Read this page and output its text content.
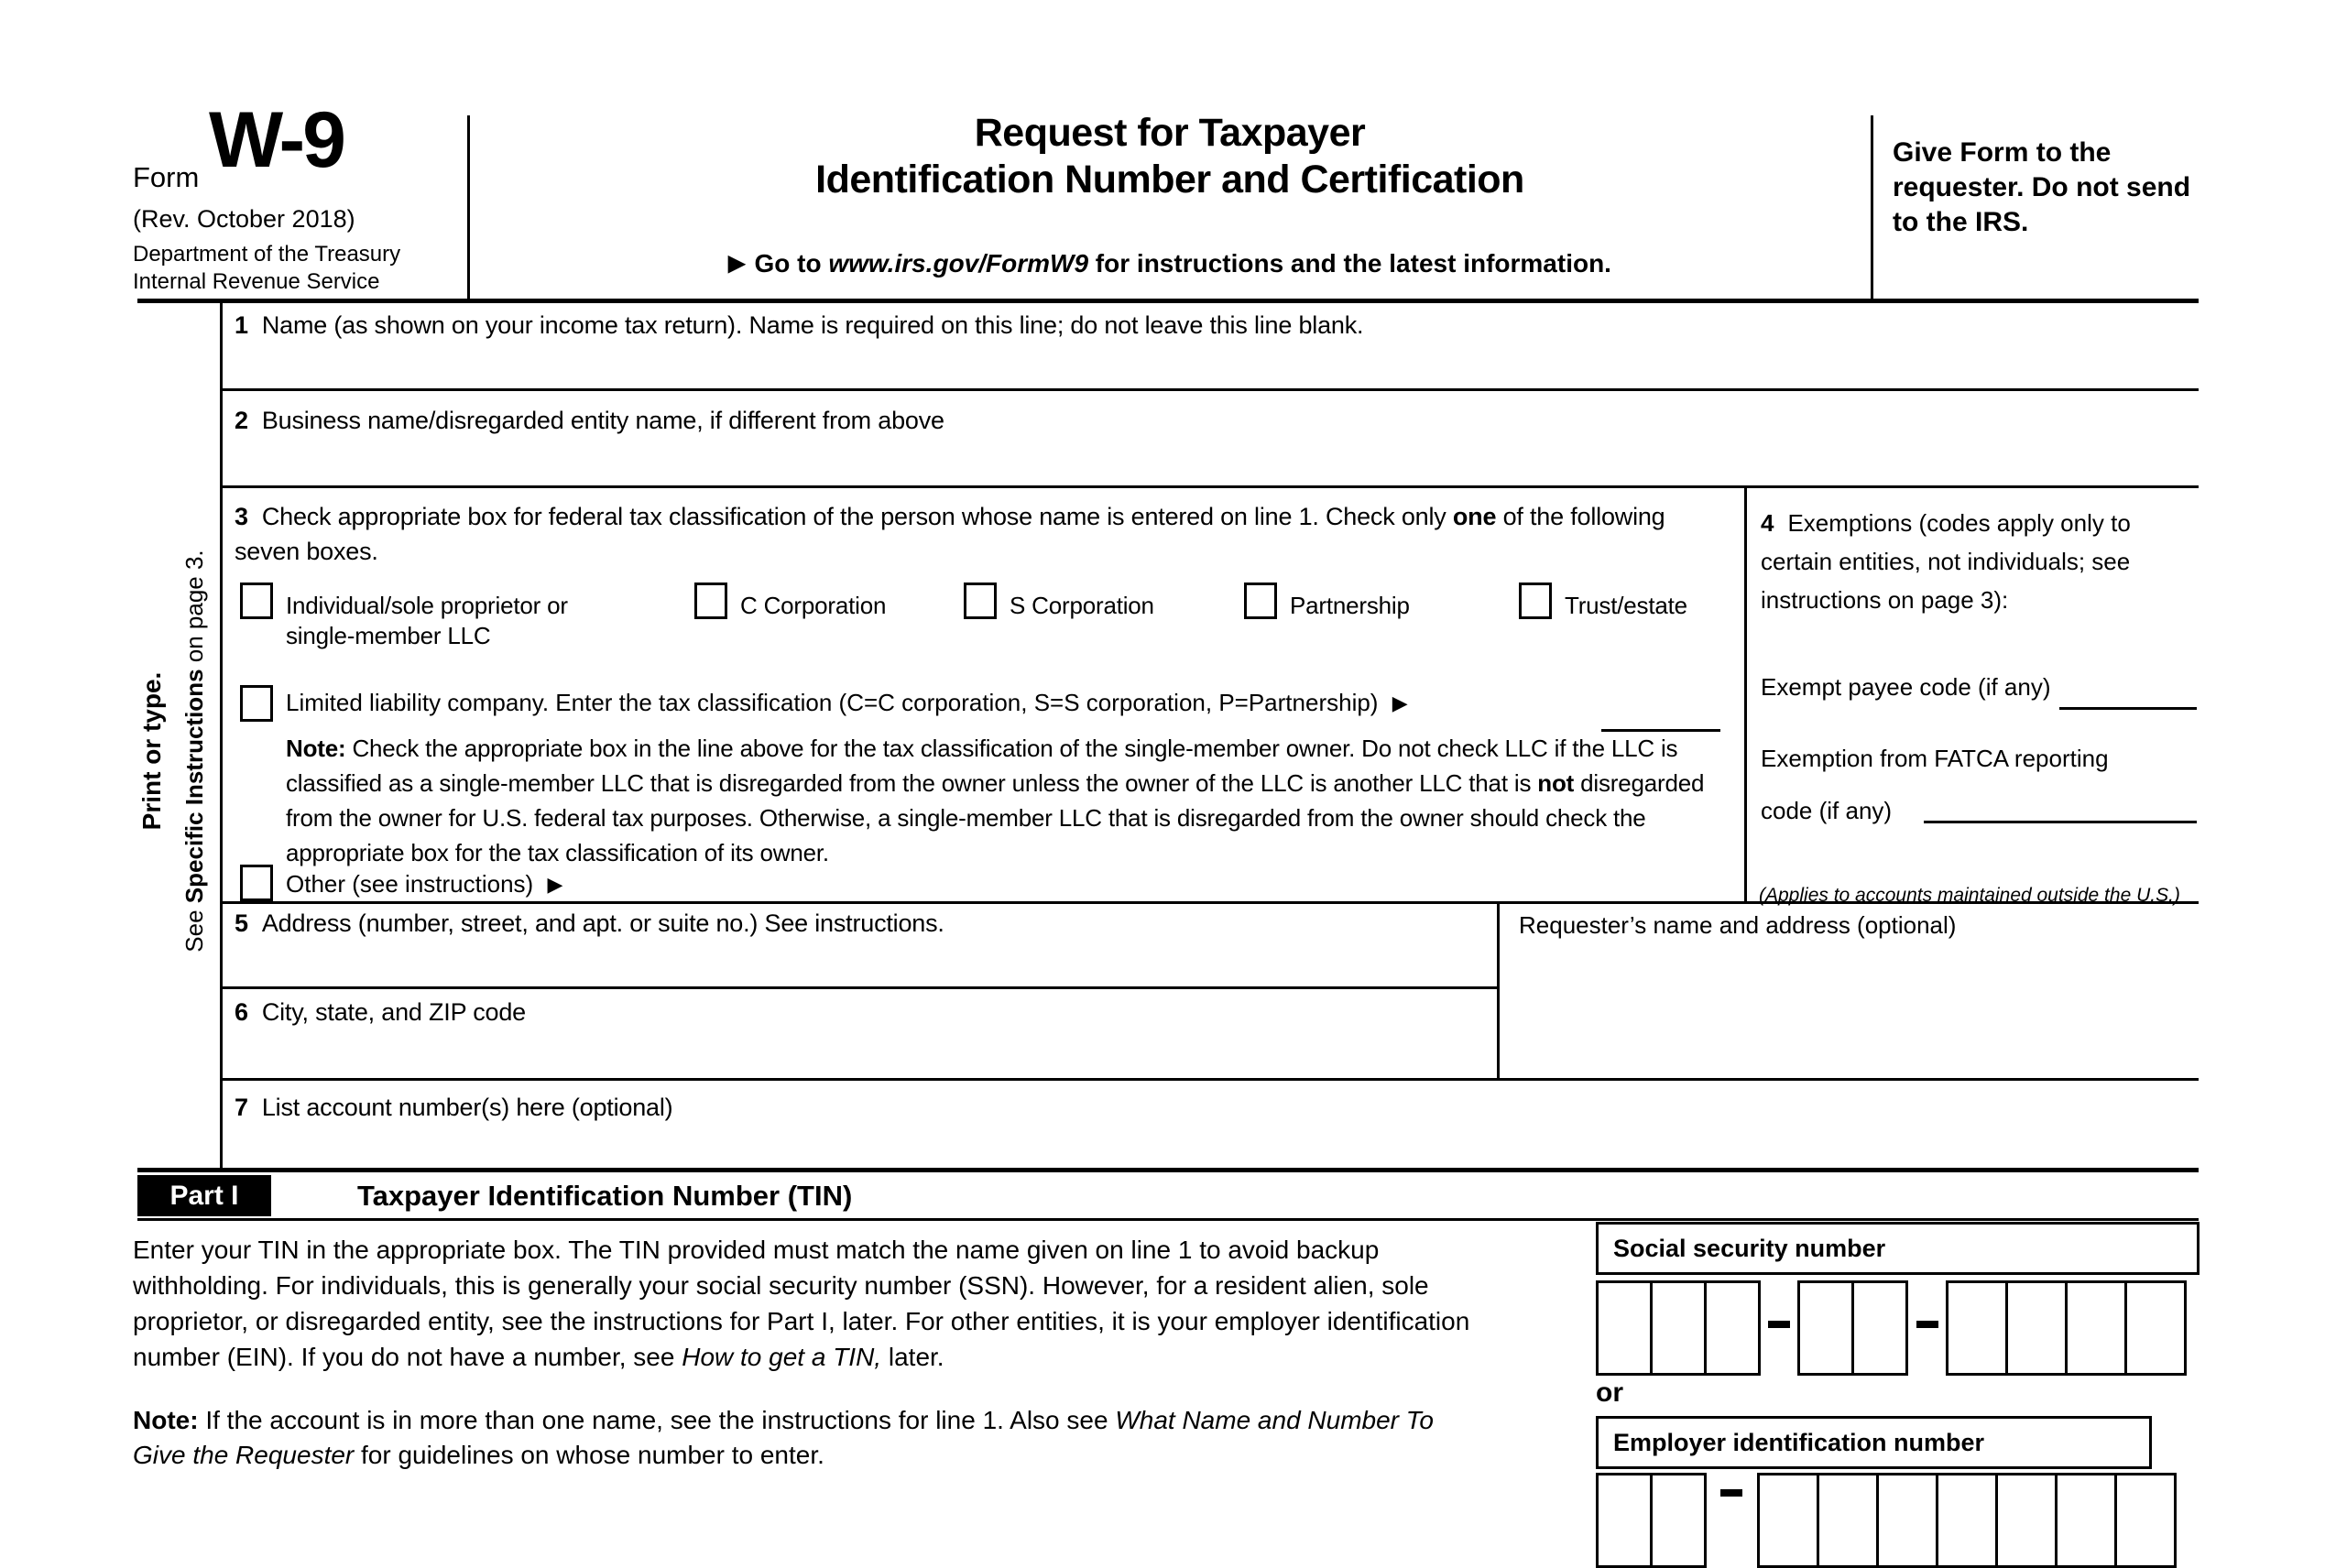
Form W-9
(Rev. October 2018)
Department of the Treasury
Internal Revenue Service
Request for Taxpayer
Identification Number and Certification
▶ Go to www.irs.gov/FormW9 for instructions and the latest information.
Give Form to the requester. Do not send to the IRS.
Print or type.
See Specific Instructions on page 3.
1 Name (as shown on your income tax return). Name is required on this line; do not leave this line blank.
2 Business name/disregarded entity name, if different from above
3 Check appropriate box for federal tax classification of the person whose name is entered on line 1. Check only one of the following seven boxes.
Individual/sole proprietor or single-member LLC
C Corporation	S Corporation	Partnership	Trust/estate
Limited liability company. Enter the tax classification (C=C corporation, S=S corporation, P=Partnership) ▶
Note: Check the appropriate box in the line above for the tax classification of the single-member owner. Do not check LLC if the LLC is classified as a single-member LLC that is disregarded from the owner unless the owner of the LLC is another LLC that is not disregarded from the owner for U.S. federal tax purposes. Otherwise, a single-member LLC that is disregarded from the owner should check the appropriate box for the tax classification of its owner.
Other (see instructions) ▶
4 Exemptions (codes apply only to certain entities, not individuals; see instructions on page 3):
Exempt payee code (if any)
Exemption from FATCA reporting code (if any)
(Applies to accounts maintained outside the U.S.)
5 Address (number, street, and apt. or suite no.) See instructions.	Requester’s name and address (optional)
6 City, state, and ZIP code
7 List account number(s) here (optional)
Part I	Taxpayer Identification Number (TIN)
Enter your TIN in the appropriate box. The TIN provided must match the name given on line 1 to avoid backup withholding. For individuals, this is generally your social security number (SSN). However, for a resident alien, sole proprietor, or disregarded entity, see the instructions for Part I, later. For other entities, it is your employer identification number (EIN). If you do not have a number, see How to get a TIN, later.
Note: If the account is in more than one name, see the instructions for line 1. Also see What Name and Number To Give the Requester for guidelines on whose number to enter.
Social security number
or
Employer identification number
